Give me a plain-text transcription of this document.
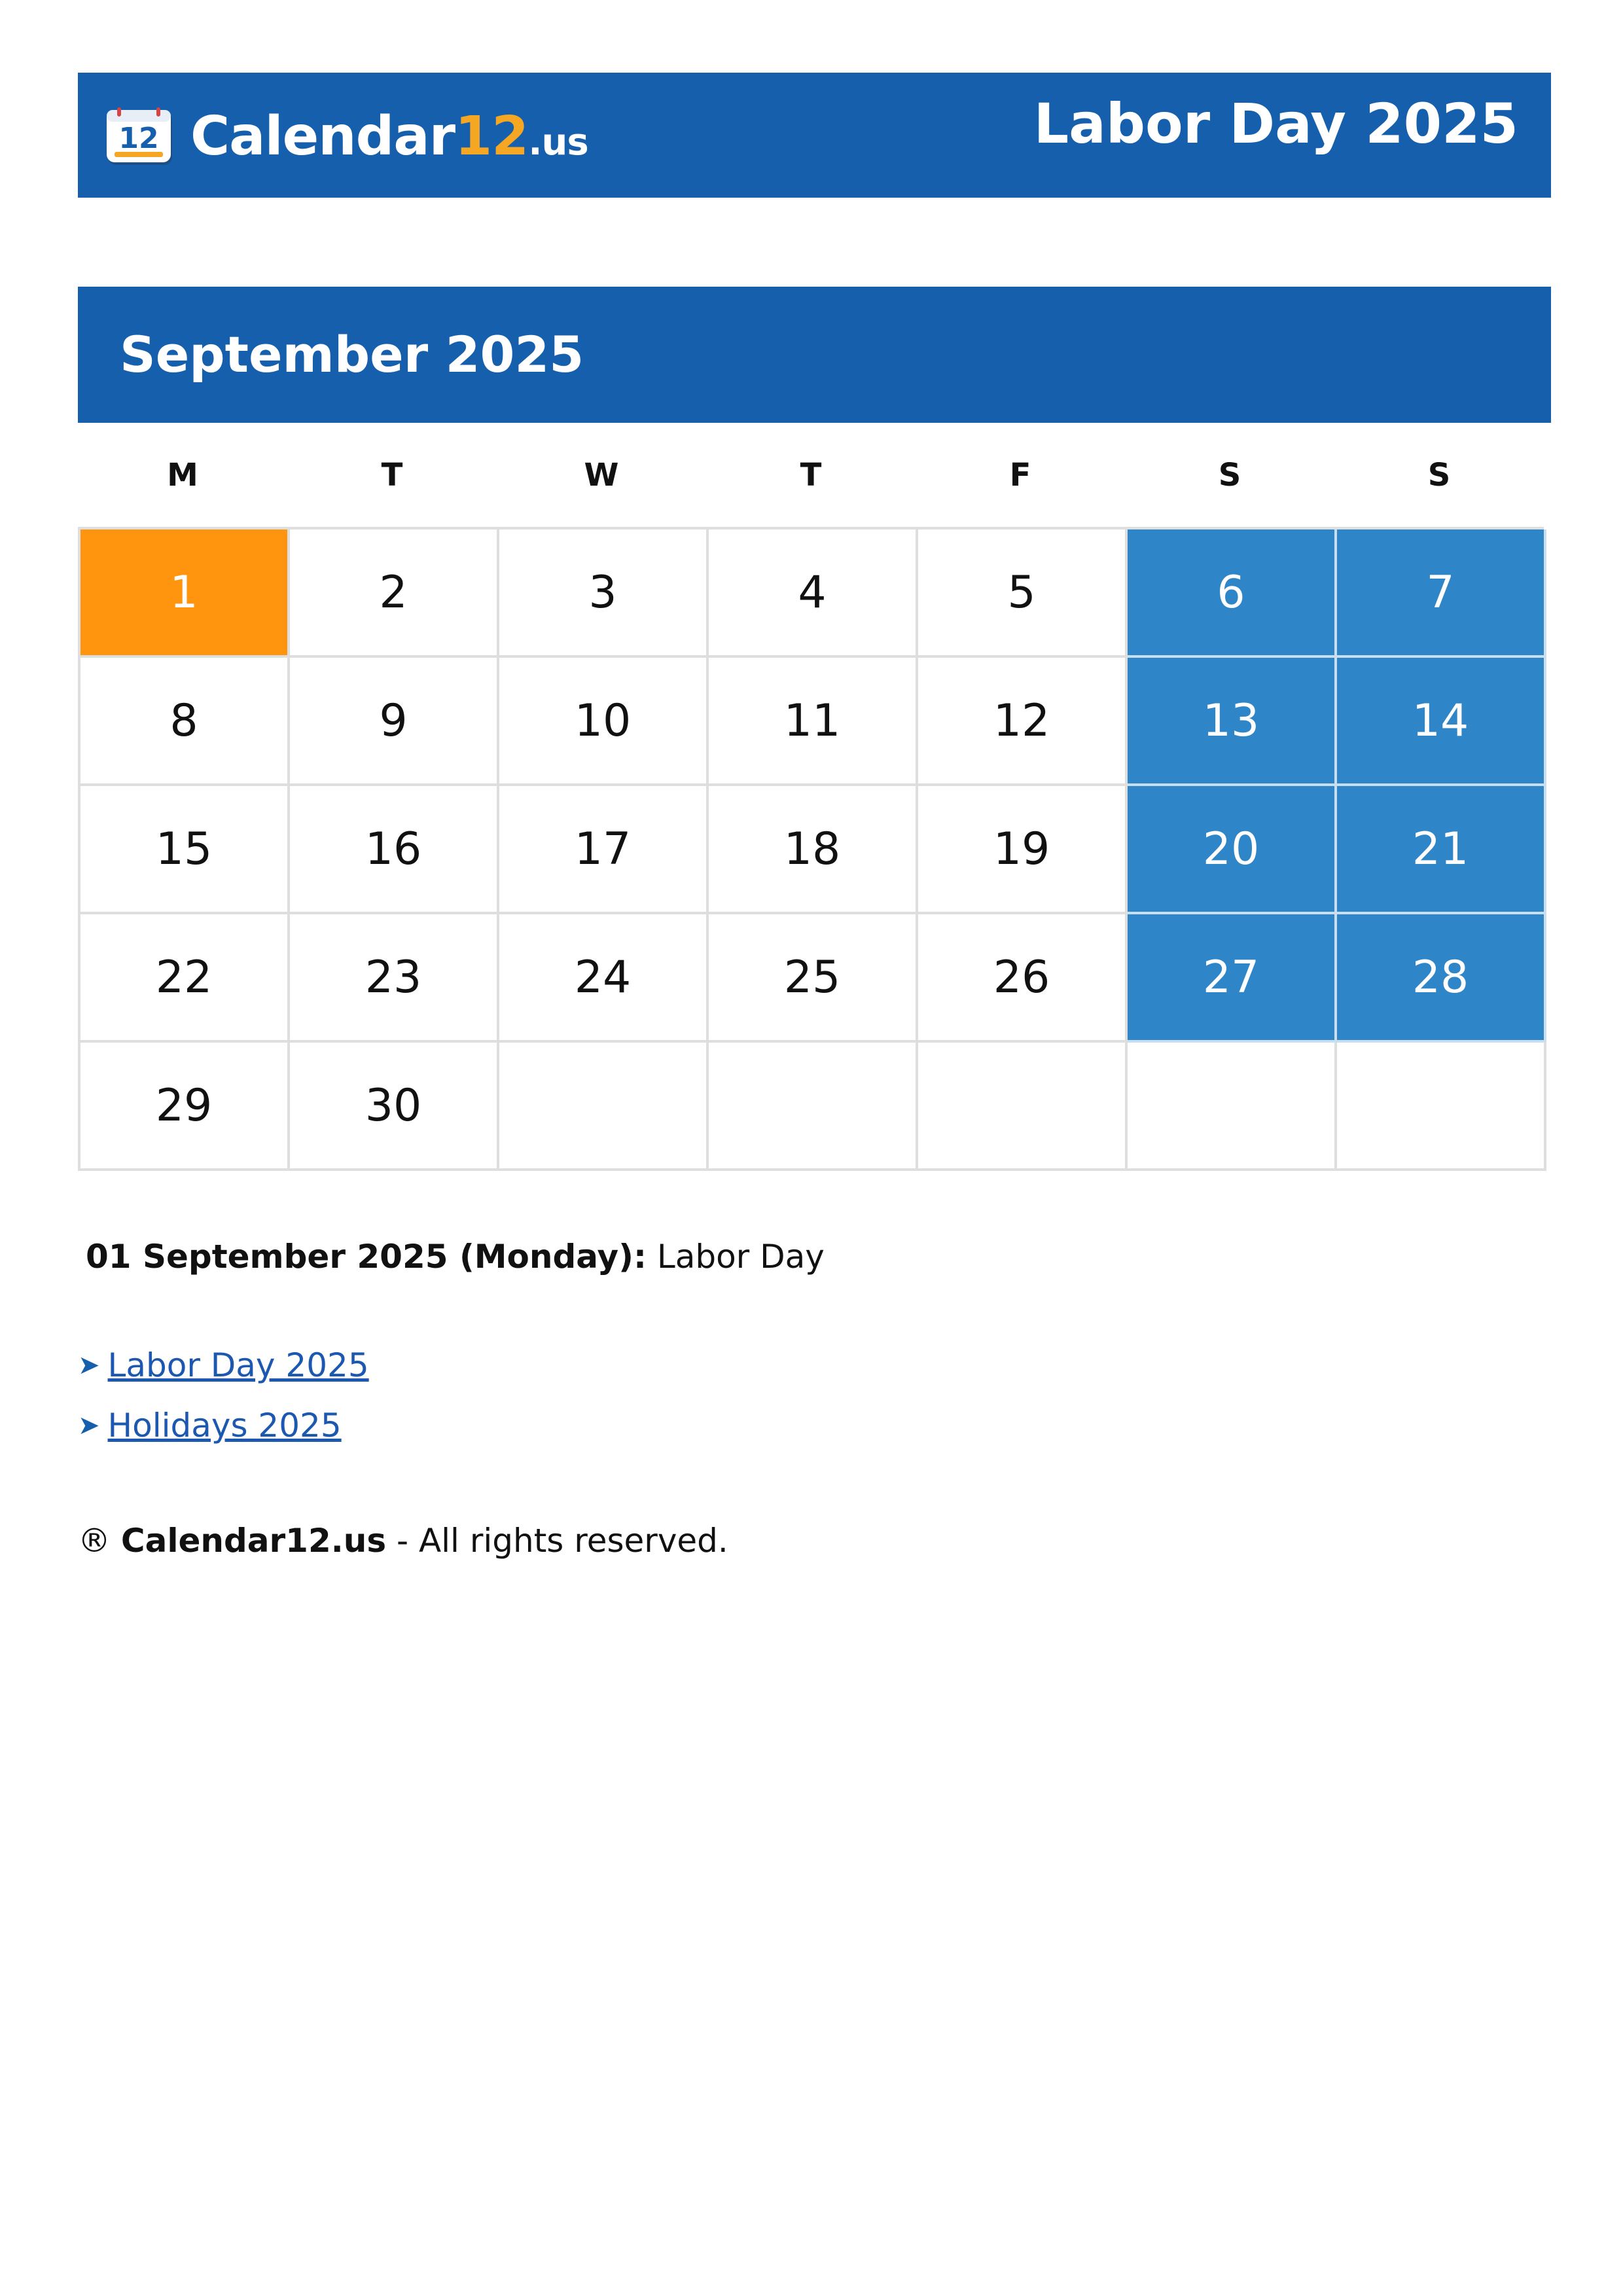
12 Calendar12.us	Labor Day 2025
September 2025
M	T	W	T	F	S	S
1	2	3	4	5	6	7
8	9	10	11	12	13	14
15	16	17	18	19	20	21
22	23	24	25	26	27	28
29	30
01 September 2025 (Monday): Labor Day
➤ Labor Day 2025
➤ Holidays 2025
® Calendar12.us - All rights reserved.
